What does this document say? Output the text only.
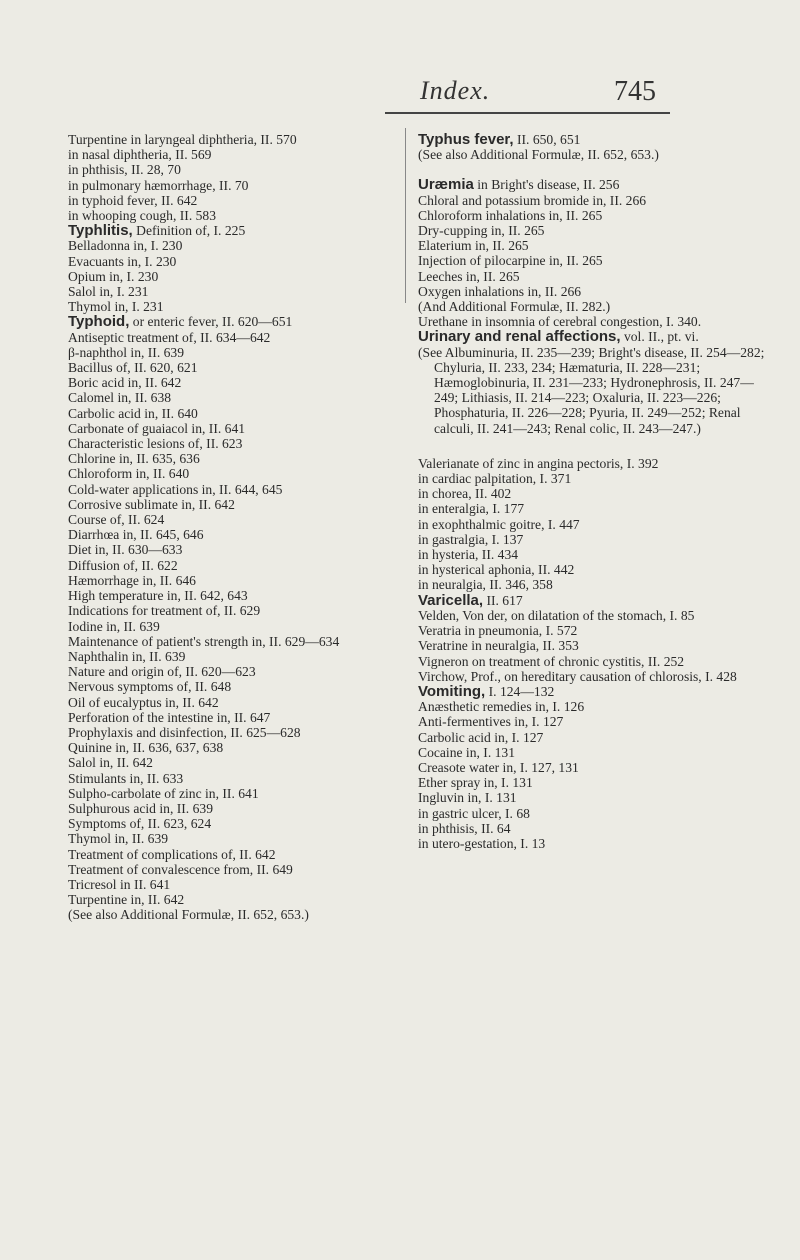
Index.	745

Turpentine in laryngeal diphtheria, II. 570

in nasal diphtheria, II. 569

in phthisis, II. 28, 70

in pulmonary hæmorrhage, II. 70

in typhoid fever, II. 642

in whooping cough, II. 583

Typhlitis, Definition of, I. 225

Belladonna in, I. 230

Evacuants in, I. 230

Opium in, I. 230

Salol in, I. 231

Thymol in, I. 231

Typhoid, or enteric fever, II. 620—651

Antiseptic treatment of, II. 634—642

β-naphthol in, II. 639

Bacillus of, II. 620, 621

Boric acid in, II. 642

Calomel in, II. 638

Carbolic acid in, II. 640

Carbonate of guaiacol in, II. 641

Characteristic lesions of, II. 623

Chlorine in, II. 635, 636

Chloroform in, II. 640

Cold-water applications in, II. 644, 645

Corrosive sublimate in, II. 642

Course of, II. 624

Diarrhœa in, II. 645, 646

Diet in, II. 630—633

Diffusion of, II. 622

Hæmorrhage in, II. 646

High temperature in, II. 642, 643

Indications for treatment of, II. 629

Iodine in, II. 639

Maintenance of patient's strength in, II. 629—634

Naphthalin in, II. 639

Nature and origin of, II. 620—623

Nervous symptoms of, II. 648

Oil of eucalyptus in, II. 642

Perforation of the intestine in, II. 647

Prophylaxis and disinfection, II. 625—628

Quinine in, II. 636, 637, 638

Salol in, II. 642

Stimulants in, II. 633

Sulpho-carbolate of zinc in, II. 641

Sulphurous acid in, II. 639

Symptoms of, II. 623, 624

Thymol in, II. 639

Treatment of complications of, II. 642

Treatment of convalescence from, II. 649

Tricresol in II. 641

Turpentine in, II. 642

(See also Additional Formulæ, II. 652, 653.)

Typhus fever, II. 650, 651

(See also Additional Formulæ, II. 652, 653.)

Uræmia in Bright's disease, II. 256

Chloral and potassium bromide in, II. 266

Chloroform inhalations in, II. 265

Dry-cupping in, II. 265

Elaterium in, II. 265

Injection of pilocarpine in, II. 265

Leeches in, II. 265

Oxygen inhalations in, II. 266

(And Additional Formulæ, II. 282.)

Urethane in insomnia of cerebral congestion, I. 340.

Urinary and renal affections, vol. II., pt. vi.

(See Albuminuria, II. 235—239; Bright's disease, II. 254—282; Chyluria, II. 233, 234; Hæmaturia, II. 228—231; Hæmoglobinuria, II. 231—233; Hydronephrosis, II. 247—249; Lithiasis, II. 214—223; Oxaluria, II. 223—226; Phosphaturia, II. 226—228; Pyuria, II. 249—252; Renal calculi, II. 241—243; Renal colic, II. 243—247.)

Valerianate of zinc in angina pectoris, I. 392

in cardiac palpitation, I. 371

in chorea, II. 402

in enteralgia, I. 177

in exophthalmic goitre, I. 447

in gastralgia, I. 137

in hysteria, II. 434

in hysterical aphonia, II. 442

in neuralgia, II. 346, 358

Varicella, II. 617

Velden, Von der, on dilatation of the stomach, I. 85

Veratria in pneumonia, I. 572

Veratrine in neuralgia, II. 353

Vigneron on treatment of chronic cystitis, II. 252

Virchow, Prof., on hereditary causation of chlorosis, I. 428

Vomiting, I. 124—132

Anæsthetic remedies in, I. 126

Anti-fermentives in, I. 127

Carbolic acid in, I. 127

Cocaine in, I. 131

Creasote water in, I. 127, 131

Ether spray in, I. 131

Ingluvin in, I. 131

in gastric ulcer, I. 68

in phthisis, II. 64

in utero-gestation, I. 13
